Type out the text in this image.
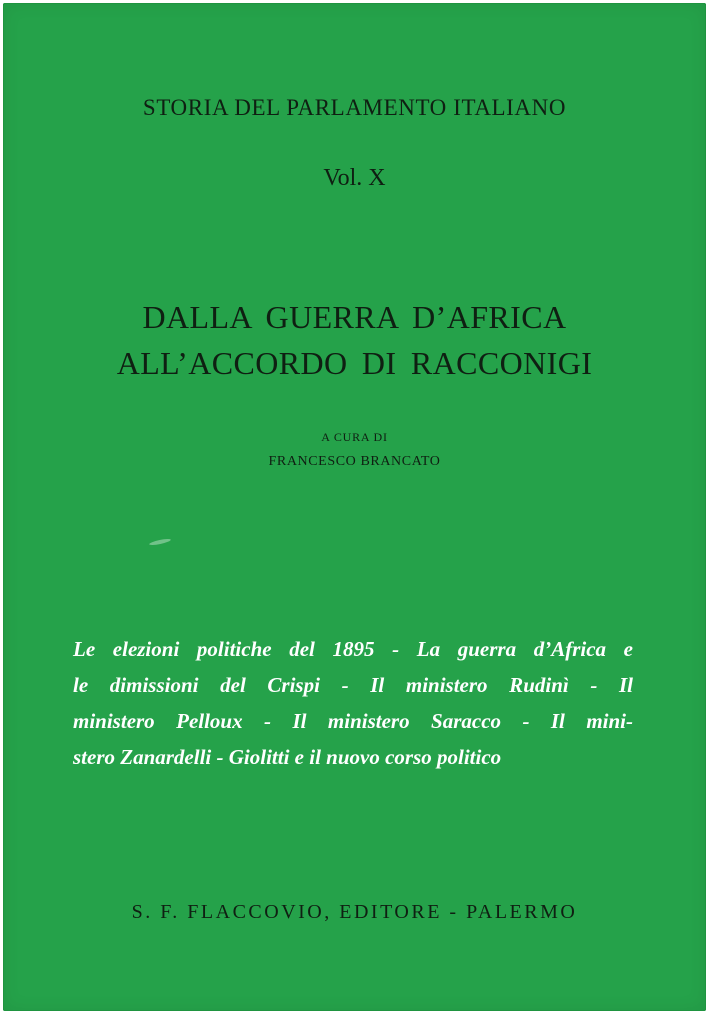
STORIA DEL PARLAMENTO ITALIANO
Vol. X
DALLA GUERRA D’AFRICA
ALL’ACCORDO DI RACCONIGI
A CURA DI
FRANCESCO BRANCATO
Le elezioni politiche del 1895 - La guerra d’Africa e
le dimissioni del Crispi - Il ministero Rudinì - Il
ministero Pelloux - Il ministero Saracco - Il mini-
stero Zanardelli - Giolitti e il nuovo corso politico
S. F. FLACCOVIO, EDITORE - PALERMO
